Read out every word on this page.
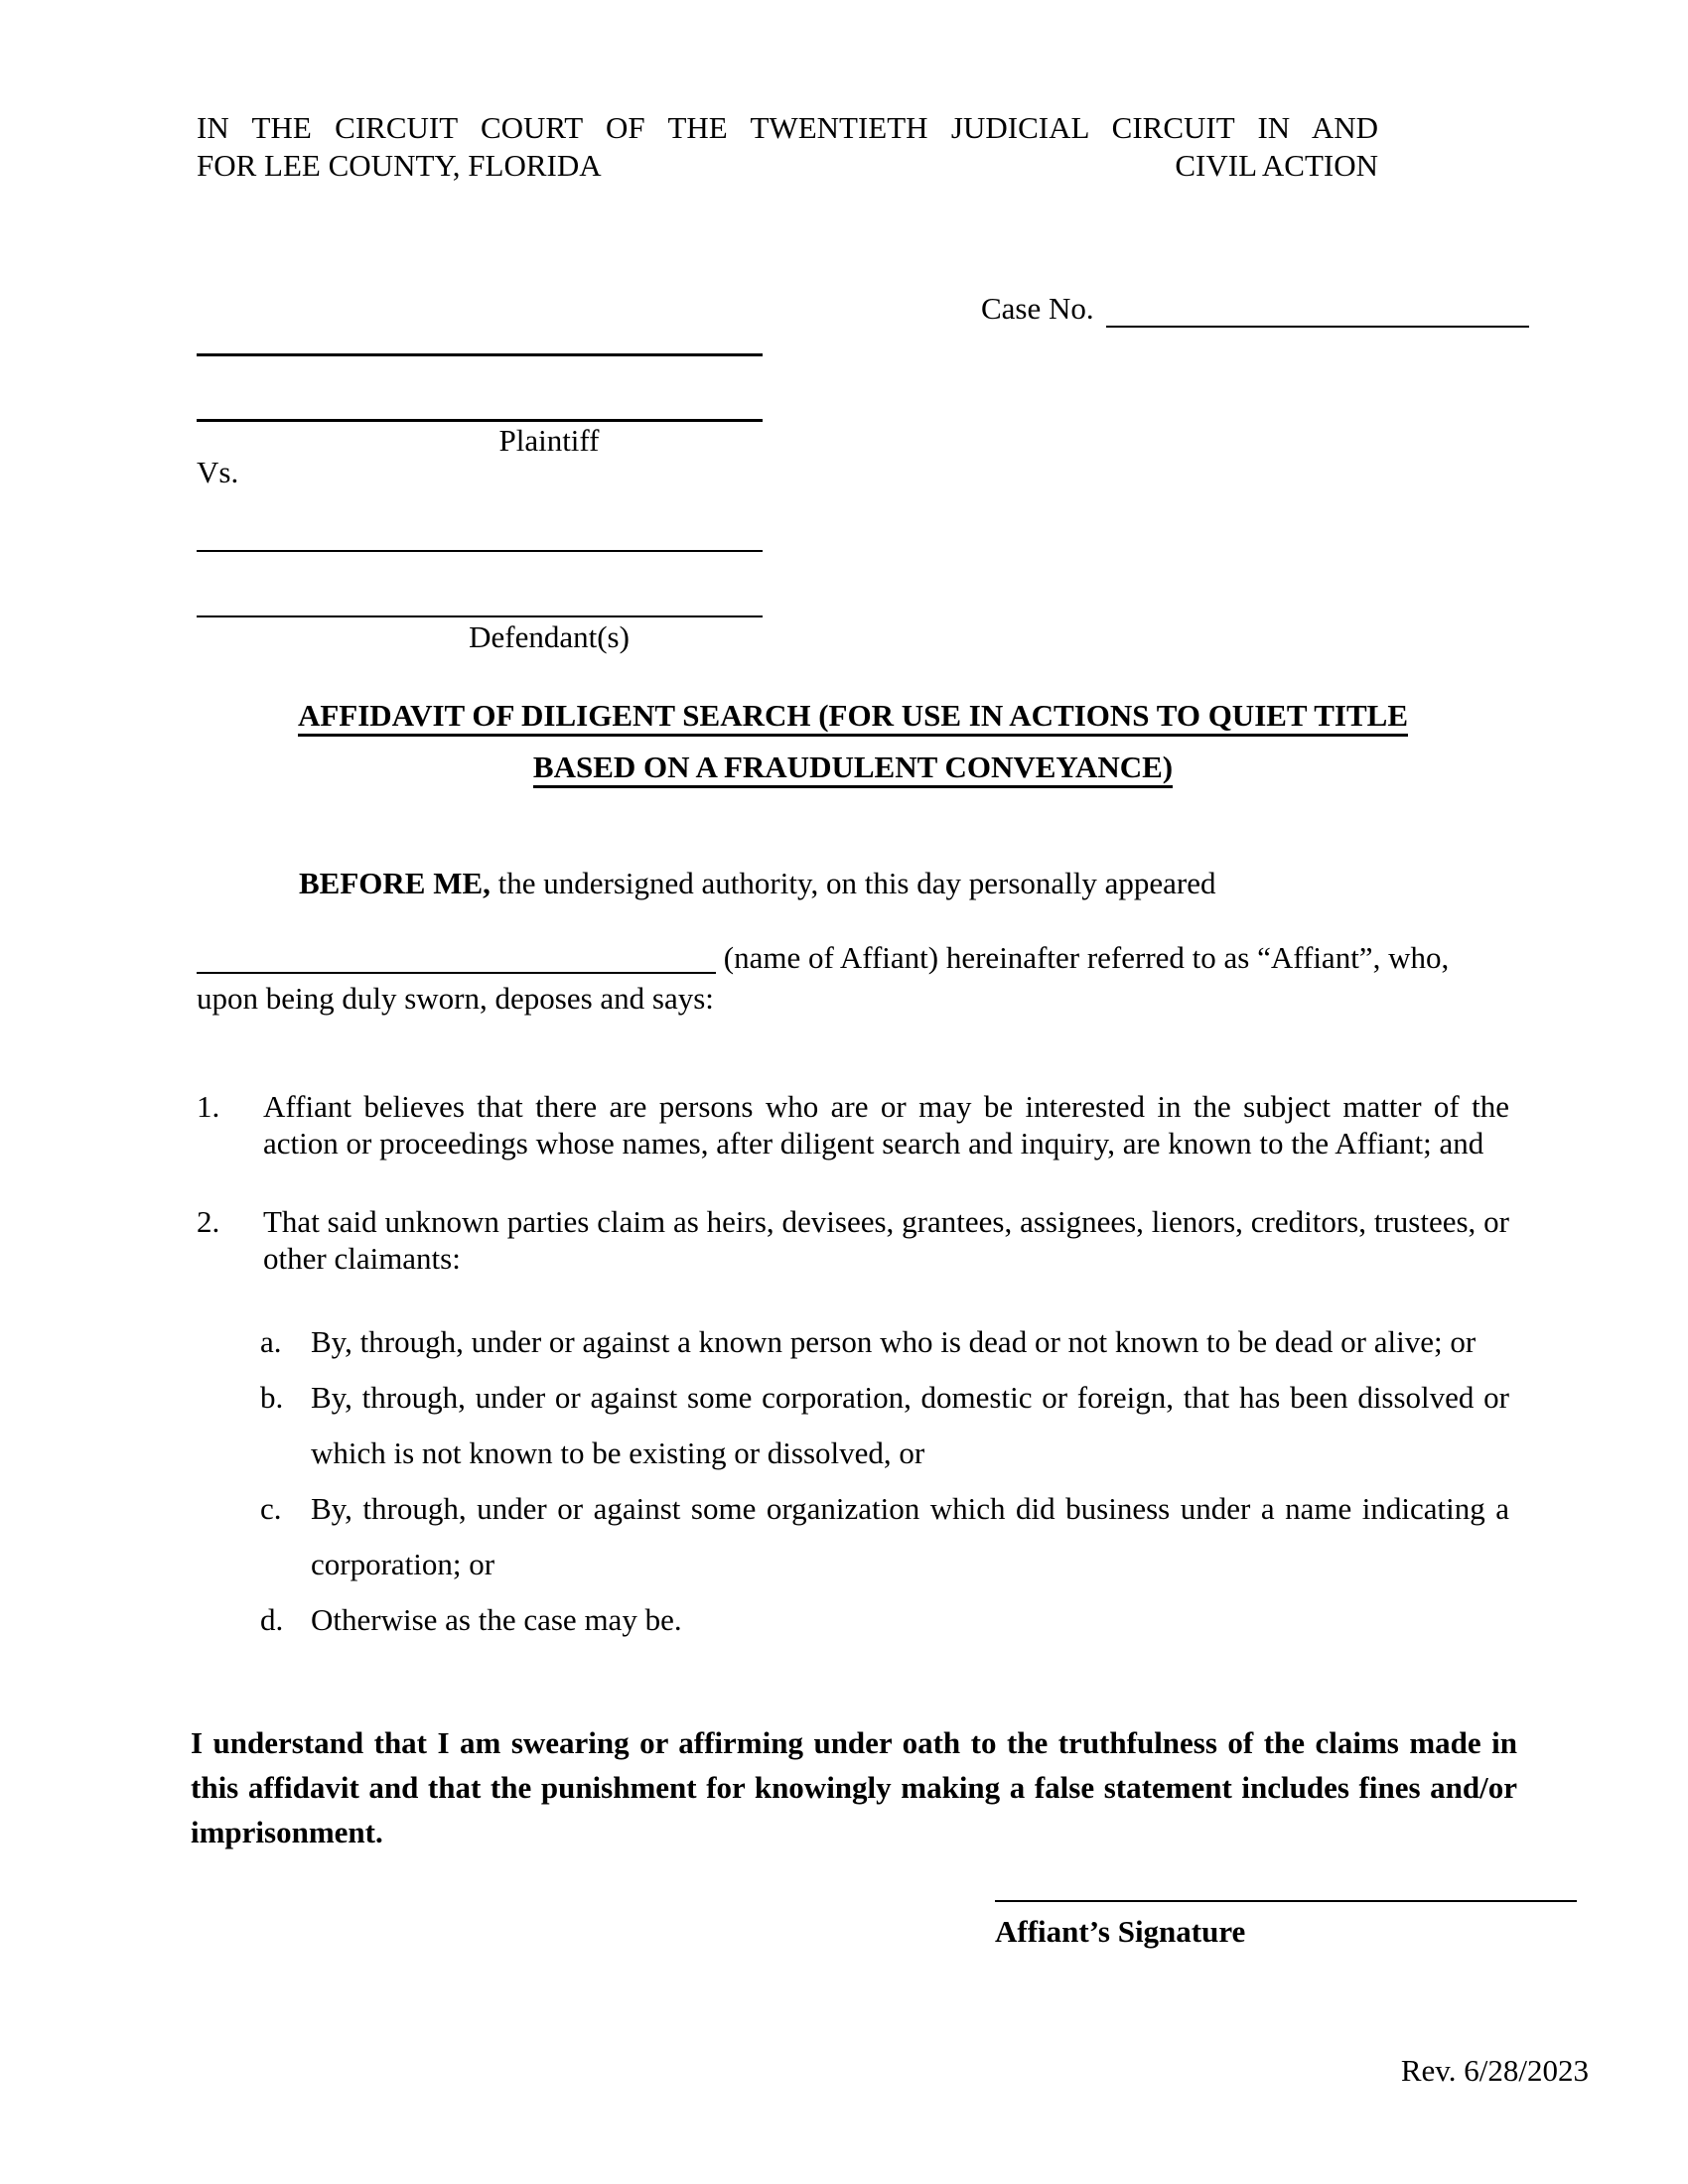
IN THE CIRCUIT COURT OF THE TWENTIETH JUDICIAL CIRCUIT IN AND
FOR LEE COUNTY, FLORIDA	CIVIL ACTION
Case No.
Plaintiff
Vs.
Defendant(s)
AFFIDAVIT OF DILIGENT SEARCH (FOR USE IN ACTIONS TO QUIET TITLE
BASED ON A FRAUDULENT CONVEYANCE)
BEFORE ME, the undersigned authority, on this day personally appeared
(name of Affiant) hereinafter referred to as “Affiant”, who,
upon being duly sworn, deposes and says:
1.	Affiant believes that there are persons who are or may be interested in the subject matter of the action or proceedings whose names, after diligent search and inquiry, are known to the Affiant; and
2.	That said unknown parties claim as heirs, devisees, grantees, assignees, lienors, creditors, trustees, or other claimants:
a. By, through, under or against a known person who is dead or not known to be dead or alive; or
b. By, through, under or against some corporation, domestic or foreign, that has been dissolved or which is not known to be existing or dissolved, or
c. By, through, under or against some organization which did business under a name indicating a corporation; or
d. Otherwise as the case may be.
I understand that I am swearing or affirming under oath to the truthfulness of the claims made in this affidavit and that the punishment for knowingly making a false statement includes fines and/or imprisonment.
Affiant’s Signature
Rev. 6/28/2023
